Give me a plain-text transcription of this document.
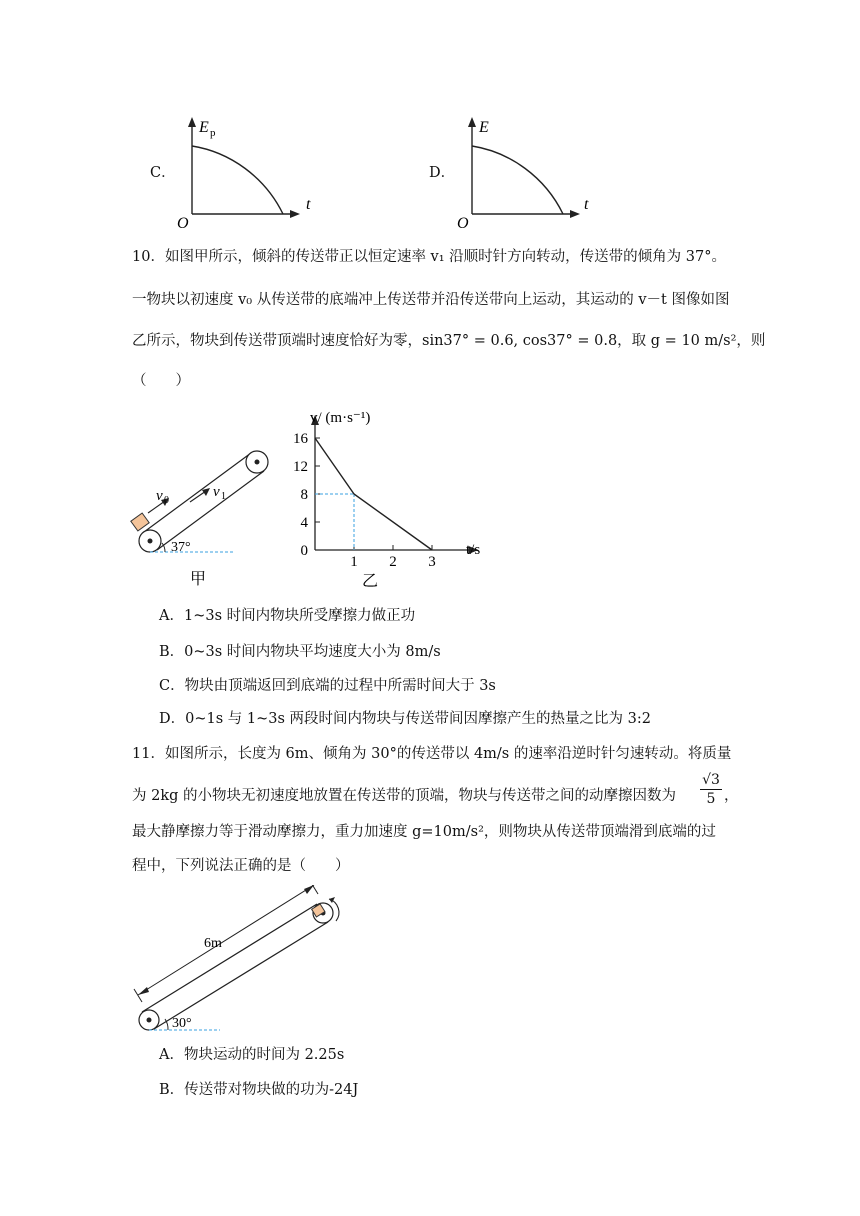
C．
E p
O
t
D．
E
O
t
10．如图甲所示，倾斜的传送带正以恒定速率 v₁ 沿顺时针方向转动，传送带的倾角为 37°。
一物块以初速度 v₀ 从传送带的底端冲上传送带并沿传送带向上运动，其运动的 v－t 图像如图
乙所示，物块到传送带顶端时速度恰好为零，sin37° = 0.6, cos37° = 0.8，取 g = 10 m/s²，则
（　　）
v 0
v 1
37°
甲
0
4
8
12
16
1 2 3
v/ (m·s⁻¹)
t/s
乙
A．1~3s 时间内物块所受摩擦力做正功
B．0~3s 时间内物块平均速度大小为 8m/s
C．物块由顶端返回到底端的过程中所需时间大于 3s
D．0~1s 与 1~3s 两段时间内物块与传送带间因摩擦产生的热量之比为 3:2
11．如图所示，长度为 6m、倾角为 30°的传送带以 4m/s 的速率沿逆时针匀速转动。将质量
为 2kg 的小物块无初速度地放置在传送带的顶端，物块与传送带之间的动摩擦因数为 $\frac{√3}{5}$ ，
最大静摩擦力等于滑动摩擦力，重力加速度 g=10m/s²，则物块从传送带顶端滑到底端的过
程中，下列说法正确的是（　　）
6m
30°
A．物块运动的时间为 2.25s
B．传送带对物块做的功为-24J
